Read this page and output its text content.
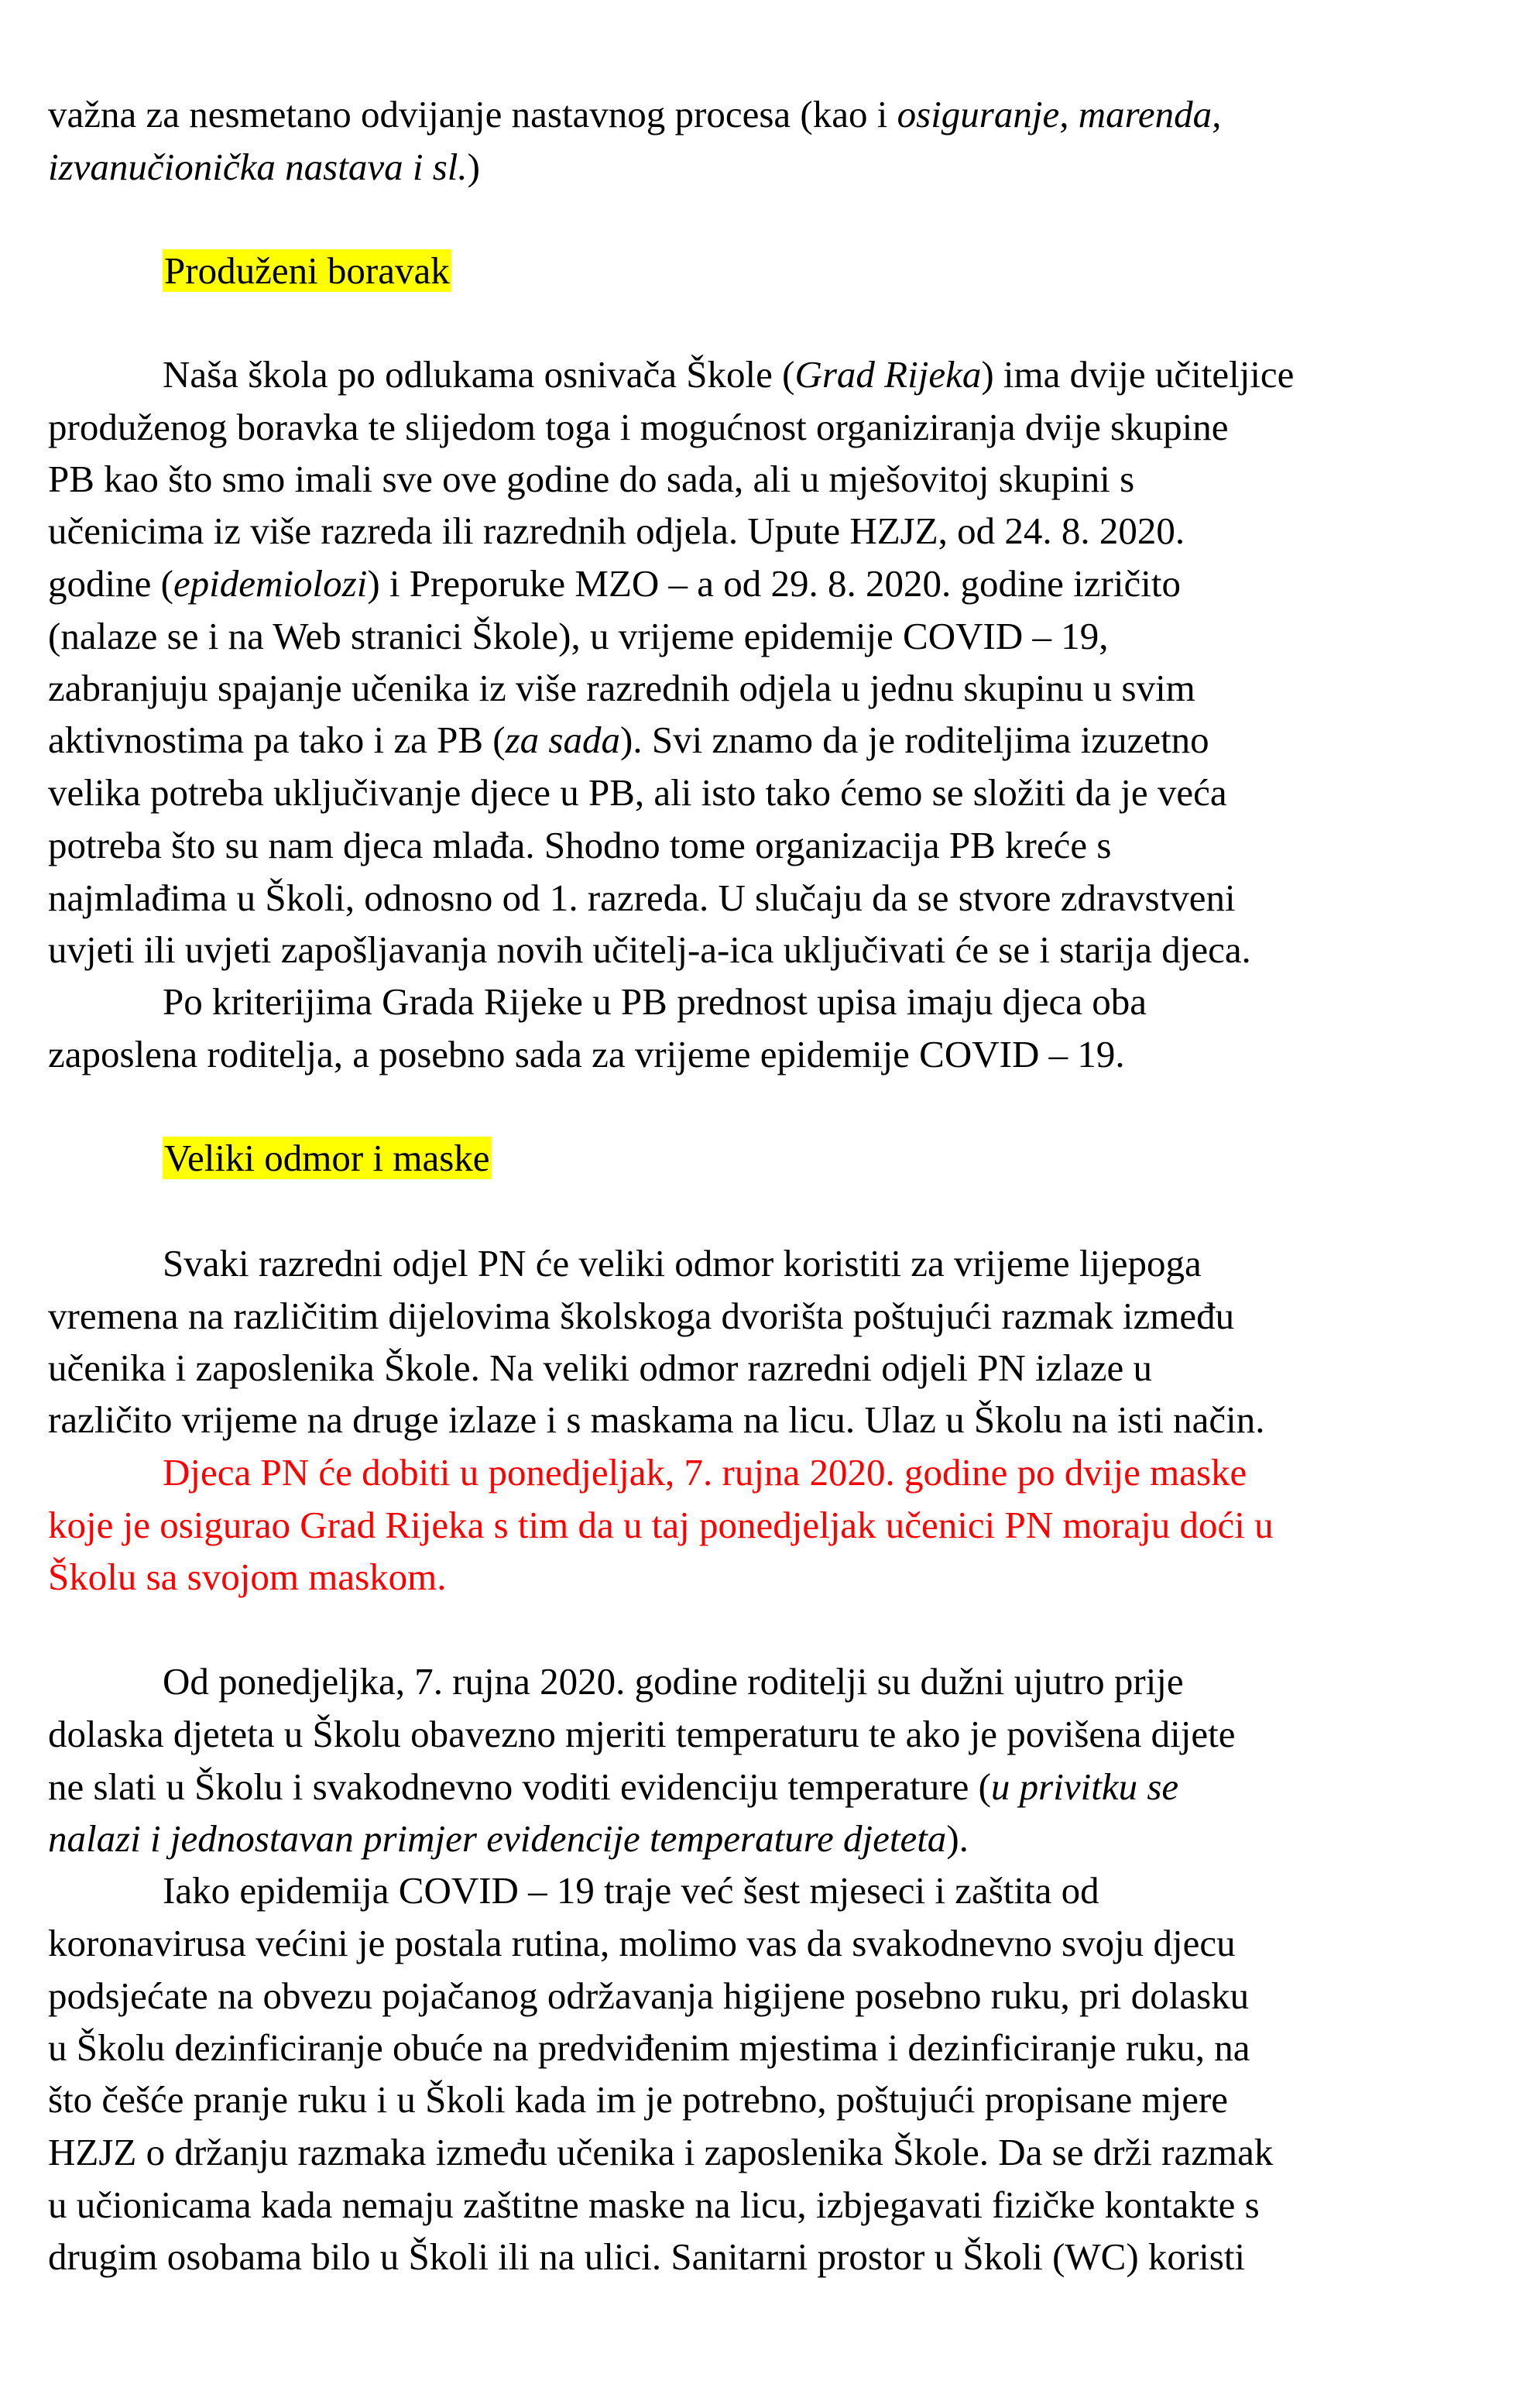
važna za nesmetano odvijanje nastavnog procesa (kao i osiguranje, marenda,

izvanučionička nastava i sl.)

Produženi boravak

Naša škola po odlukama osnivača Škole (Grad Rijeka) ima dvije učiteljice

produženog boravka te slijedom toga i mogućnost organiziranja dvije skupine

PB kao što smo imali sve ove godine do sada, ali u mješovitoj skupini s

učenicima iz više razreda ili razrednih odjela. Upute HZJZ, od 24. 8. 2020.

godine (epidemiolozi) i Preporuke MZO – a od 29. 8. 2020. godine izričito

(nalaze se i na Web stranici Škole), u vrijeme epidemije COVID – 19,

zabranjuju spajanje učenika iz više razrednih odjela u jednu skupinu u svim

aktivnostima pa tako i za PB (za sada). Svi znamo da je roditeljima izuzetno

velika potreba uključivanje djece u PB, ali isto tako ćemo se složiti da je veća

potreba što su nam djeca mlađa. Shodno tome organizacija PB kreće s

najmlađima u Školi, odnosno od 1. razreda. U slučaju da se stvore zdravstveni

uvjeti ili uvjeti zapošljavanja novih učitelj-a-ica uključivati će se i starija djeca.

Po kriterijima Grada Rijeke u PB prednost upisa imaju djeca oba

zaposlena roditelja, a posebno sada za vrijeme epidemije COVID – 19.

Veliki odmor i maske

Svaki razredni odjel PN će veliki odmor koristiti za vrijeme lijepoga

vremena na različitim dijelovima školskoga dvorišta poštujući razmak između

učenika i zaposlenika Škole. Na veliki odmor razredni odjeli PN izlaze u

različito vrijeme na druge izlaze i s maskama na licu. Ulaz u Školu na isti način.

Djeca PN će dobiti u ponedjeljak, 7. rujna 2020. godine po dvije maske

koje je osigurao Grad Rijeka s tim da u taj ponedjeljak učenici PN moraju doći u

Školu sa svojom maskom.

Od ponedjeljka, 7. rujna 2020. godine roditelji su dužni ujutro prije

dolaska djeteta u Školu obavezno mjeriti temperaturu te ako je povišena dijete

ne slati u Školu i svakodnevno voditi evidenciju temperature (u privitku se

nalazi i jednostavan primjer evidencije temperature djeteta).

Iako epidemija COVID – 19 traje već šest mjeseci i zaštita od

koronavirusa većini je postala rutina, molimo vas da svakodnevno svoju djecu

podsjećate na obvezu pojačanog održavanja higijene posebno ruku, pri dolasku

u Školu dezinficiranje obuće na predviđenim mjestima i dezinficiranje ruku, na

što češće pranje ruku i u Školi kada im je potrebno, poštujući propisane mjere

HZJZ o držanju razmaka između učenika i zaposlenika Škole. Da se drži razmak

u učionicama kada nemaju zaštitne maske na licu, izbjegavati fizičke kontakte s

drugim osobama bilo u Školi ili na ulici. Sanitarni prostor u Školi (WC) koristi
